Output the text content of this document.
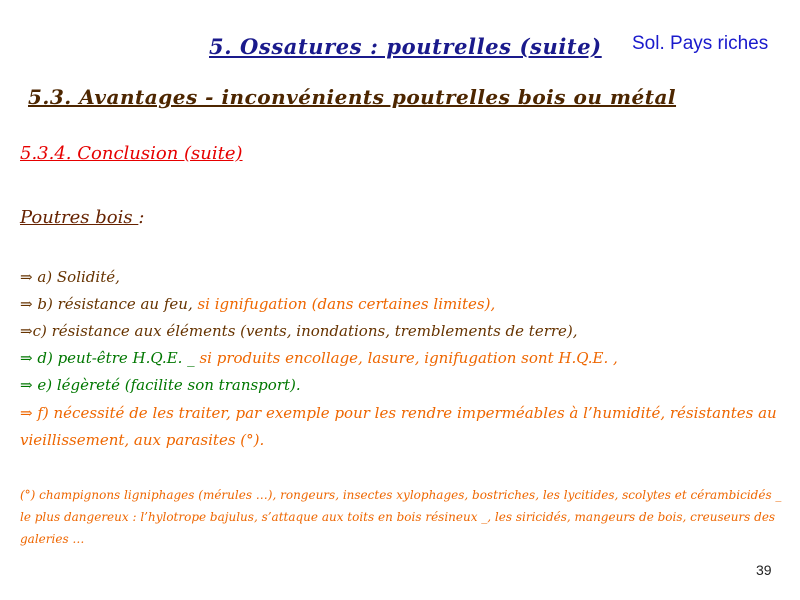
5. Ossatures : poutrelles (suite) Sol. Pays riches
5.3. Avantages - inconvénients poutrelles bois ou métal
5.3.4. Conclusion (suite)
Poutres bois :
⇒ a) Solidité,
⇒ b) résistance au feu, si ignifugation (dans certaines limites),
⇒c) résistance aux éléments (vents, inondations, tremblements de terre),
⇒ d) peut-être H.Q.E. _ si produits encollage, lasure, ignifugation sont H.Q.E. ,
⇒ e) légèreté (facilite son transport).
⇒ f) nécessité de les traiter, par exemple pour les rendre imperméables à l’humidité, résistantes au vieillissement, aux parasites (°).
(°) champignons ligniphages (mérules …), rongeurs, insectes xylophages, bostriches, les lycitides, scolytes et cérambicidés _ le plus dangereux : l’hylotrope bajulus, s’attaque aux toits en bois résineux _, les siricidés, mangeurs de bois, creuseurs des galeries …
39
